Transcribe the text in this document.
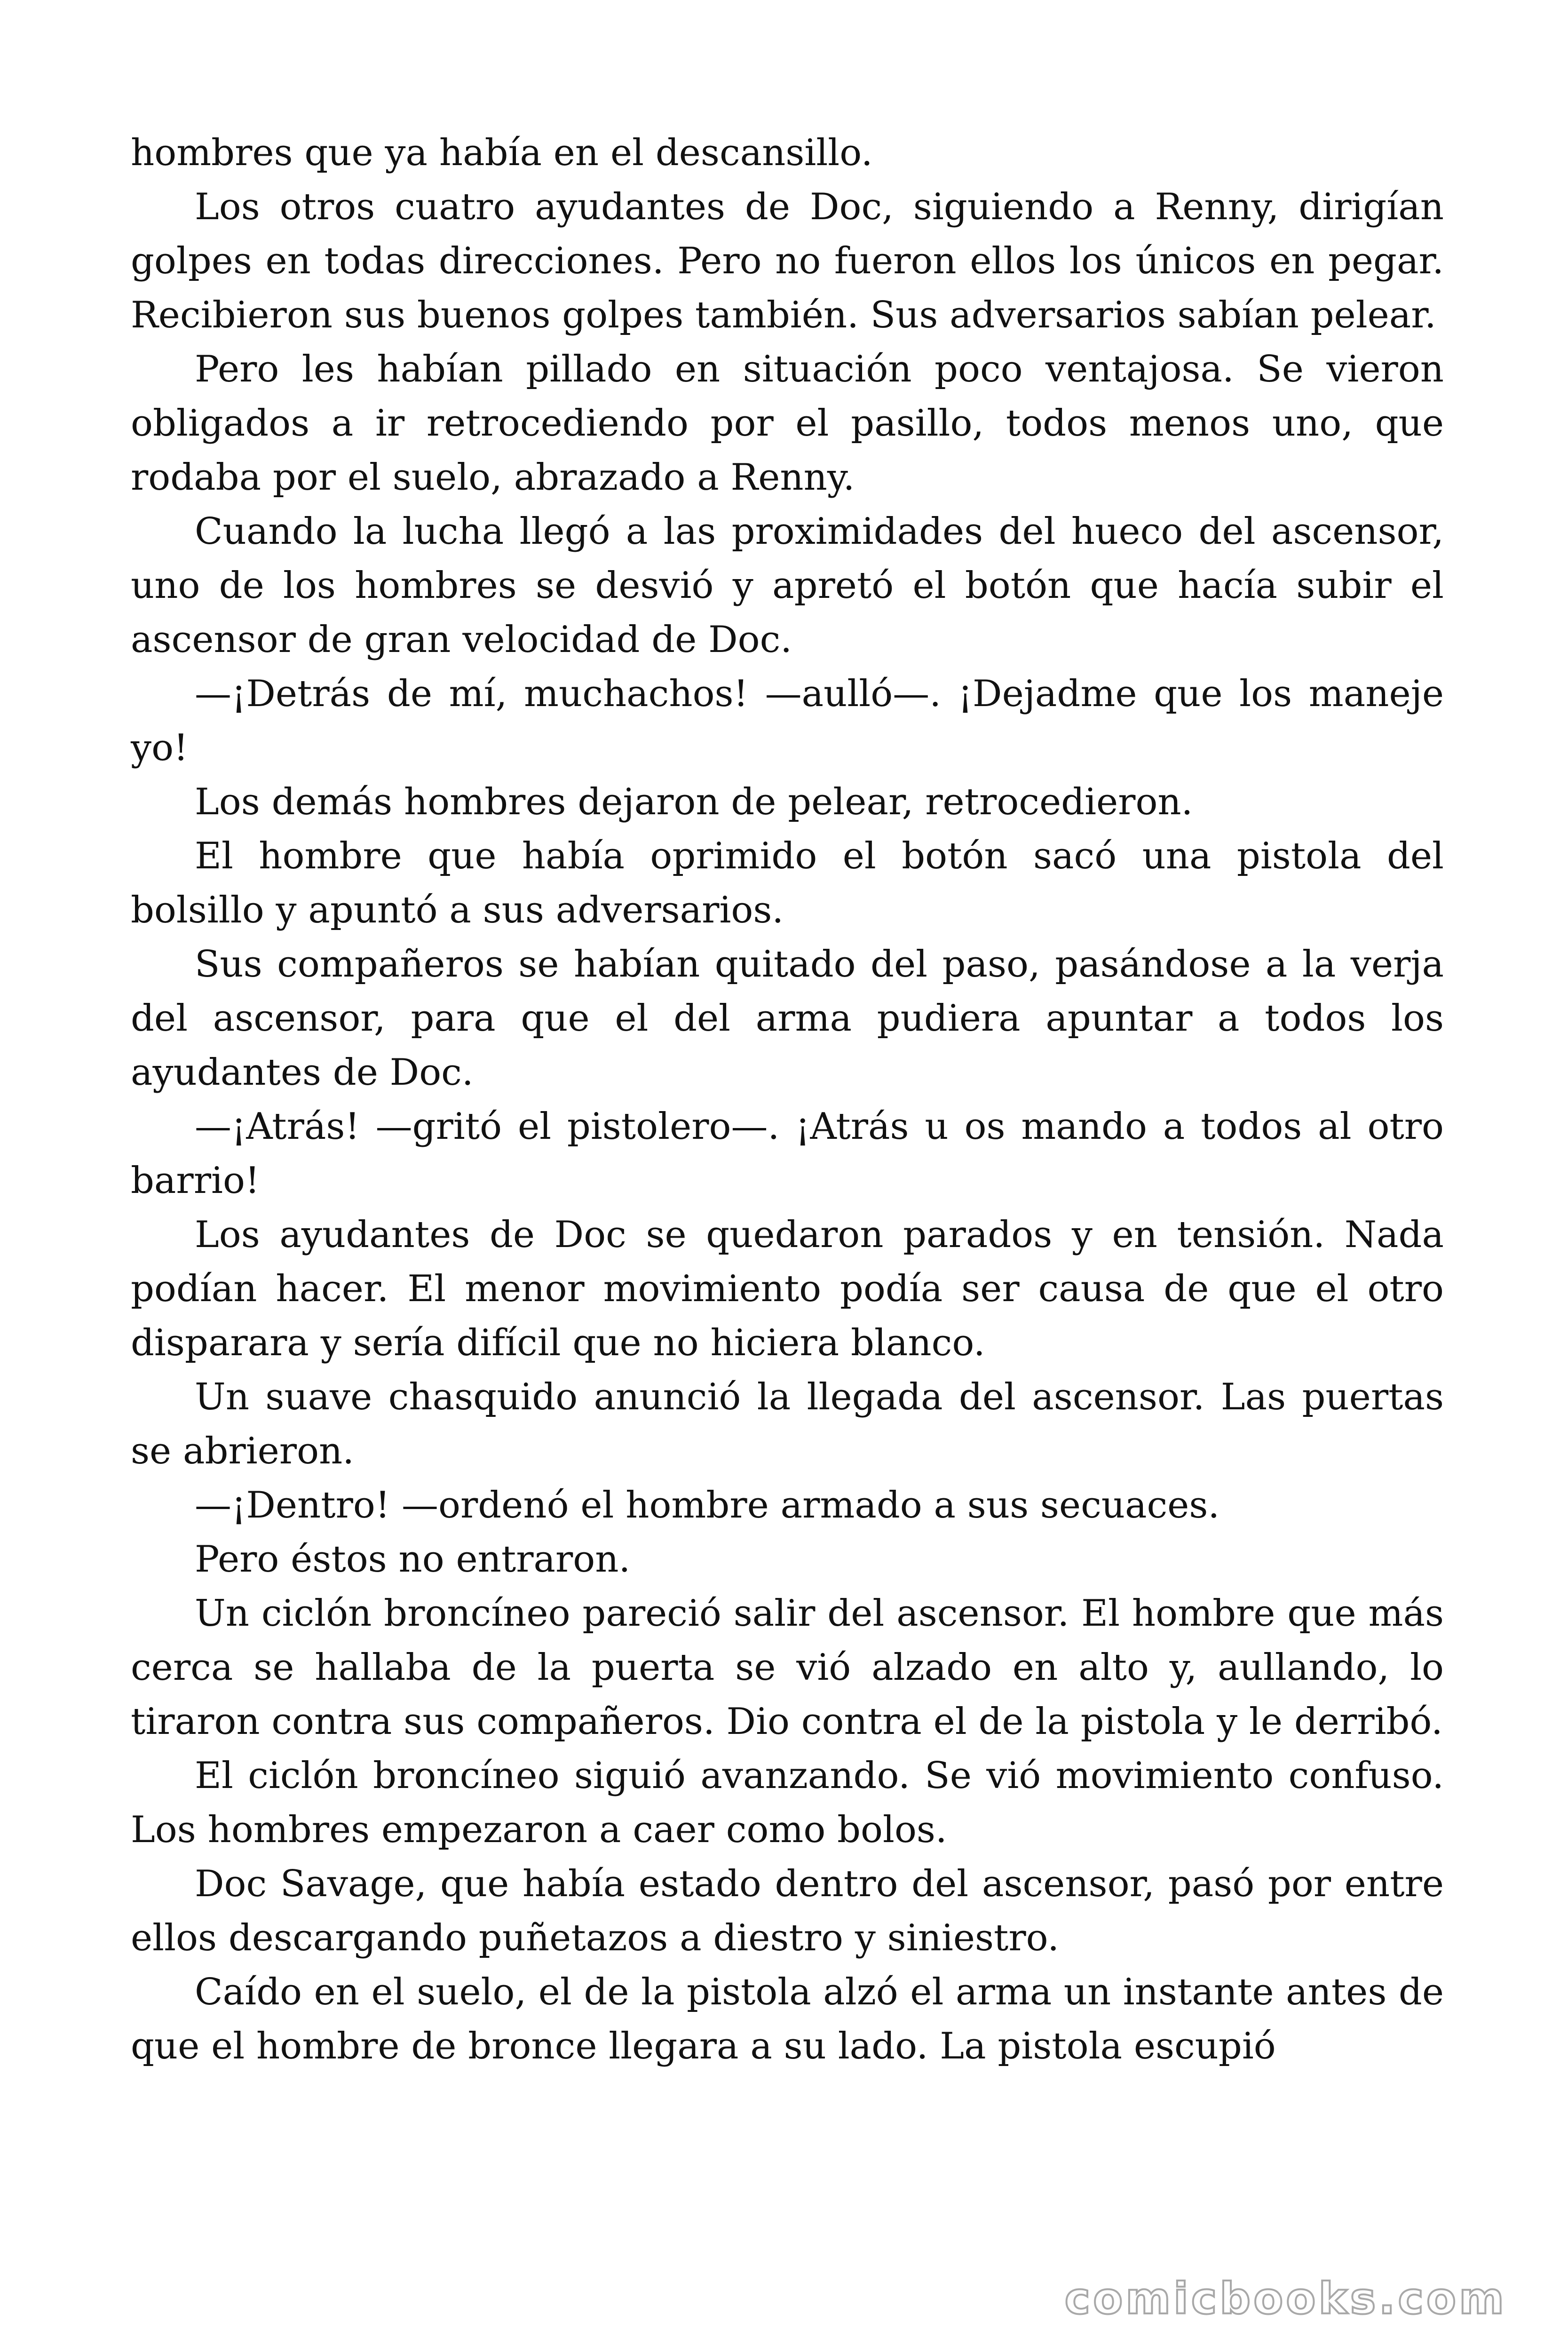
hombres que ya había en el descansillo.

Los otros cuatro ayudantes de Doc, siguiendo a Renny, dirigían golpes en todas direcciones. Pero no fueron ellos los únicos en pegar. Recibieron sus buenos golpes también. Sus adversarios sabían pelear.

Pero les habían pillado en situación poco ventajosa. Se vieron obligados a ir retrocediendo por el pasillo, todos menos uno, que rodaba por el suelo, abrazado a Renny.

Cuando la lucha llegó a las proximidades del hueco del ascensor, uno de los hombres se desvió y apretó el botón que hacía subir el ascensor de gran velocidad de Doc.

—¡Detrás de mí, muchachos! —aulló—. ¡Dejadme que los maneje yo!

Los demás hombres dejaron de pelear, retrocedieron.

El hombre que había oprimido el botón sacó una pistola del bolsillo y apuntó a sus adversarios.

Sus compañeros se habían quitado del paso, pasándose a la verja del ascensor, para que el del arma pudiera apuntar a todos los ayudantes de Doc.

—¡Atrás! —gritó el pistolero—. ¡Atrás u os mando a todos al otro barrio!

Los ayudantes de Doc se quedaron parados y en tensión. Nada podían hacer. El menor movimiento podía ser causa de que el otro disparara y sería difícil que no hiciera blanco.

Un suave chasquido anunció la llegada del ascensor. Las puertas se abrieron.

—¡Dentro! —ordenó el hombre armado a sus secuaces.

Pero éstos no entraron.

Un ciclón broncíneo pareció salir del ascensor. El hombre que más cerca se hallaba de la puerta se vió alzado en alto y, aullando, lo tiraron contra sus compañeros. Dio contra el de la pistola y le derribó.

El ciclón broncíneo siguió avanzando. Se vió movimiento confuso. Los hombres empezaron a caer como bolos.

Doc Savage, que había estado dentro del ascensor, pasó por entre ellos descargando puñetazos a diestro y siniestro.

Caído en el suelo, el de la pistola alzó el arma un instante antes de que el hombre de bronce llegara a su lado. La pistola escupió

comicbooks.com
